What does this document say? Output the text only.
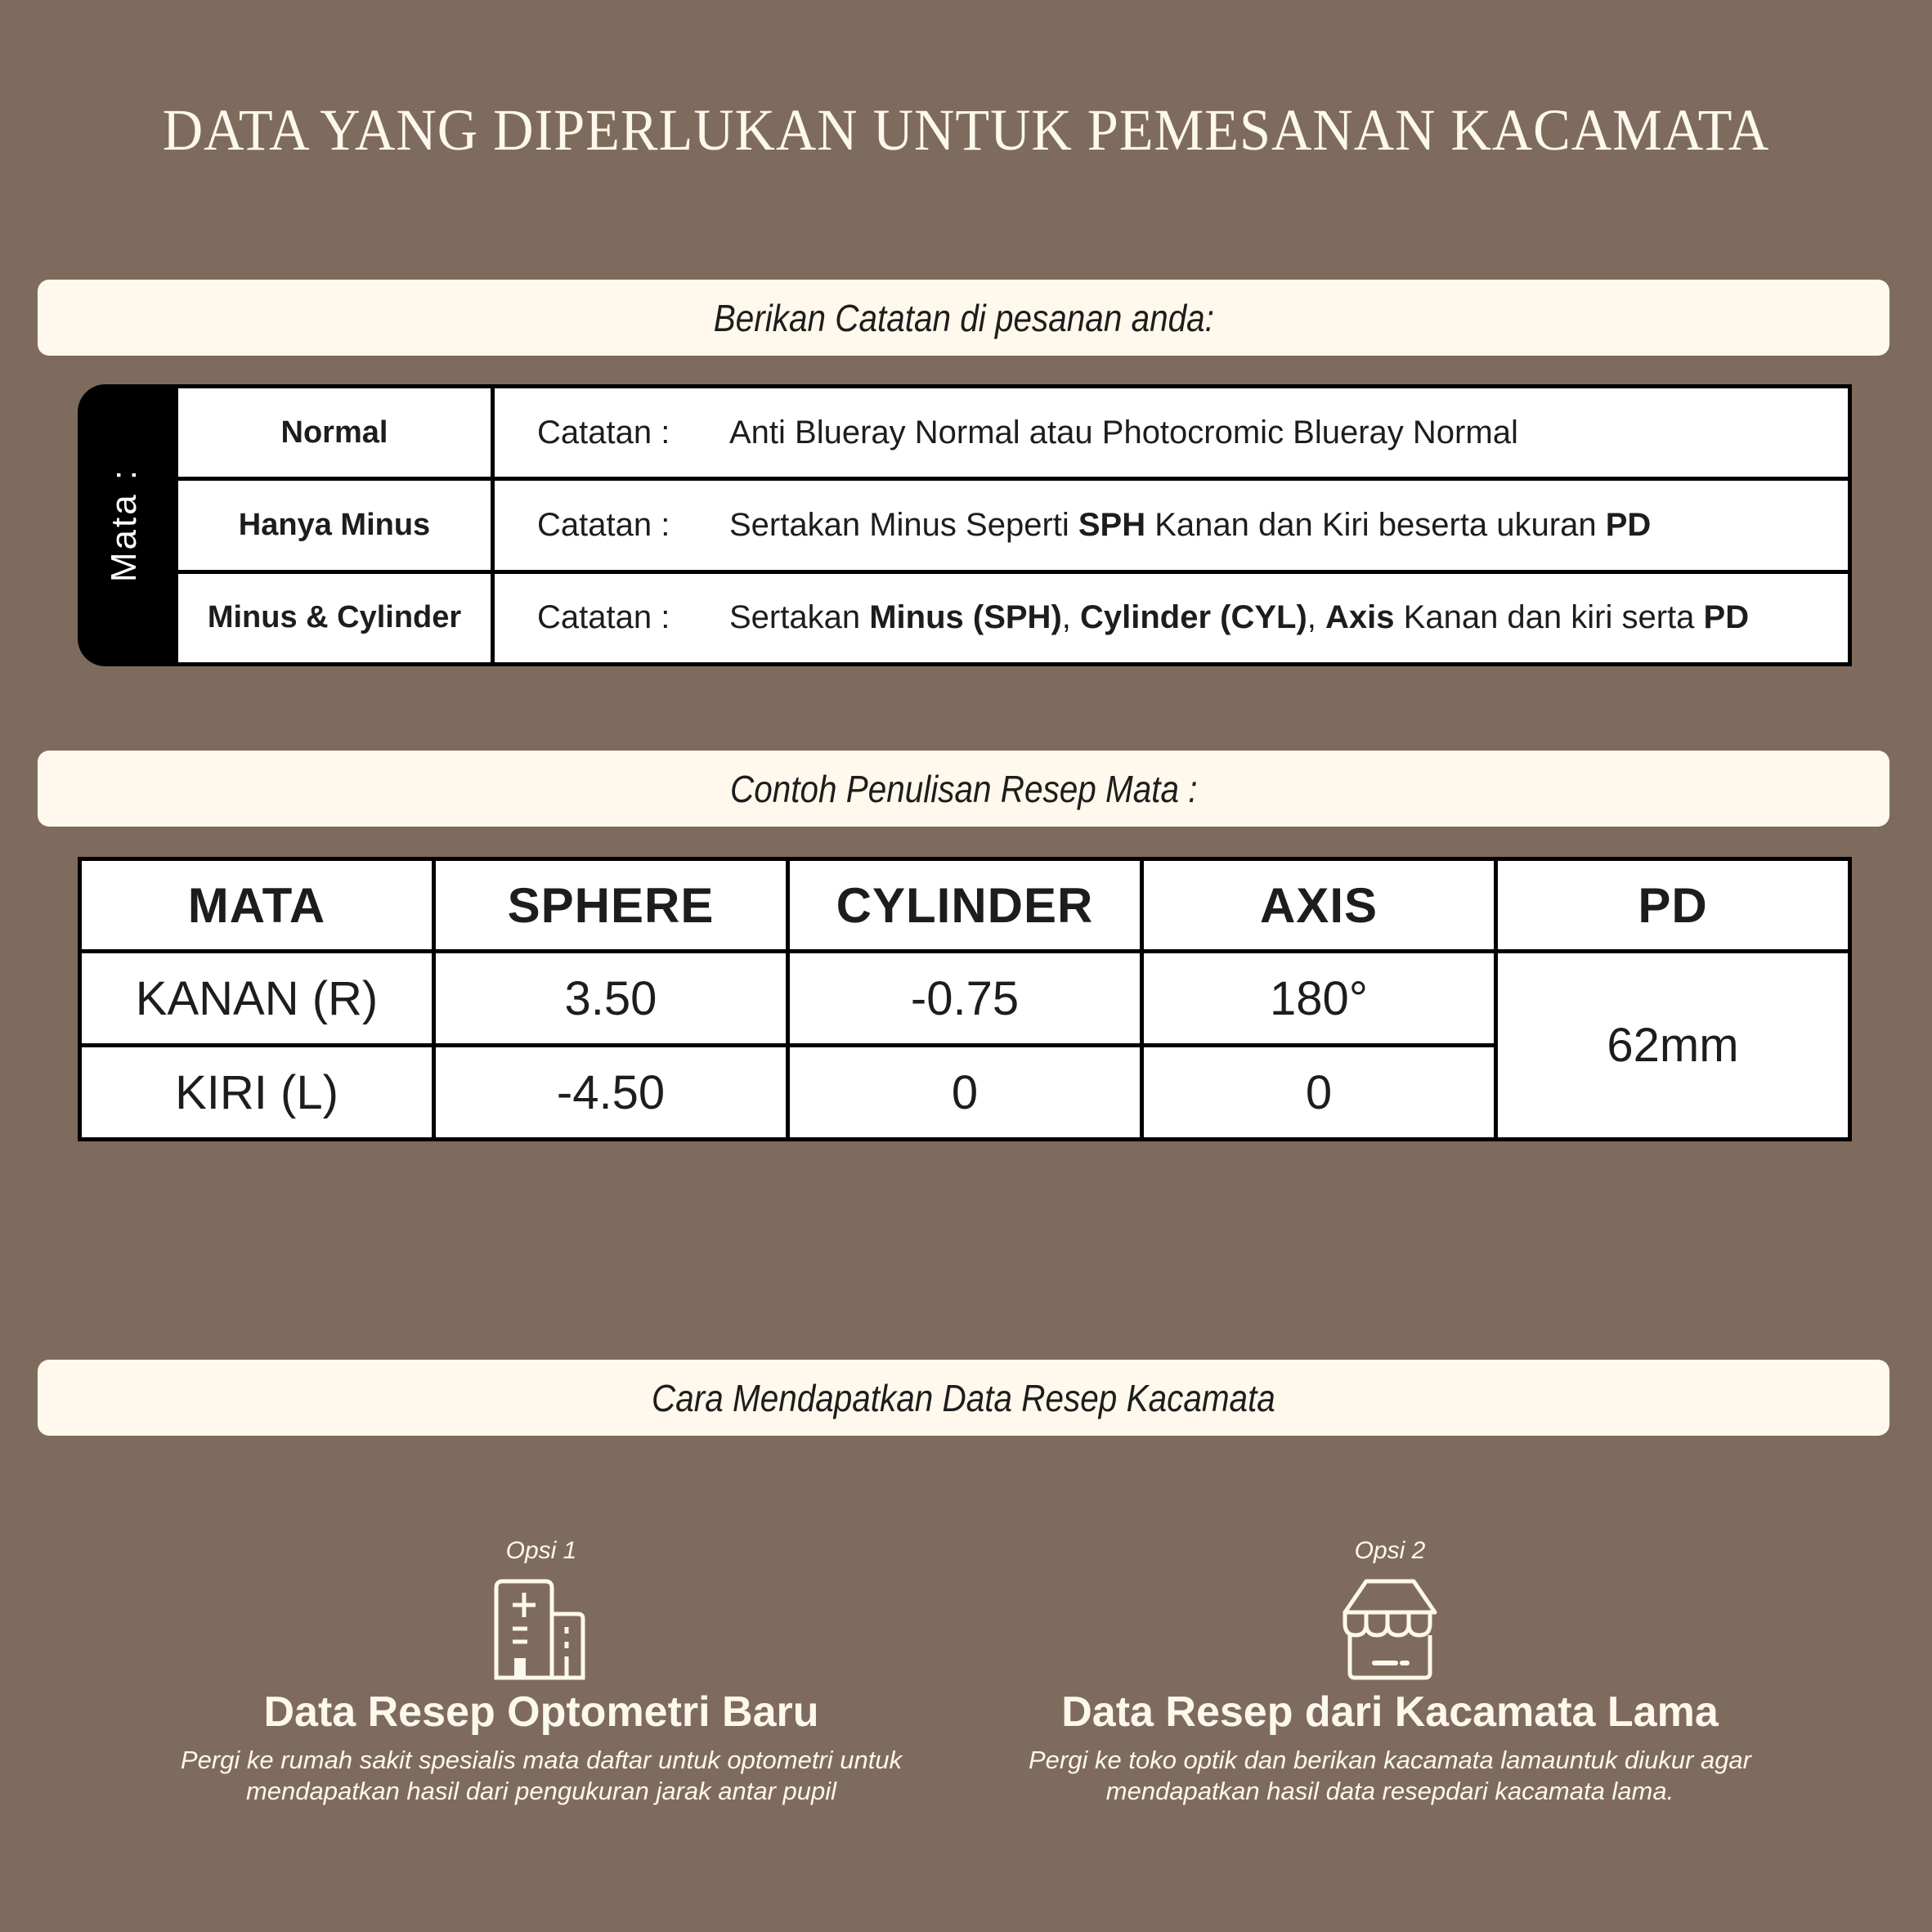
DATA YANG DIPERLUKAN UNTUK PEMESANAN KACAMATA
Berikan Catatan di pesanan anda:
Mata :
Normal	Catatan : Anti Blueray Normal atau Photocromic Blueray Normal
Hanya Minus	Catatan : Sertakan Minus Seperti SPH Kanan dan Kiri beserta ukuran PD
Minus & Cylinder	Catatan : Sertakan Minus (SPH), Cylinder (CYL), Axis Kanan dan kiri serta PD
Contoh Penulisan Resep Mata :
MATA	SPHERE	CYLINDER	AXIS	PD
KANAN (R)	3.50	-0.75	180°	62mm
KIRI (L)	-4.50	0	0	
Cara Mendapatkan Data Resep Kacamata
Opsi 1
Data Resep Optometri Baru
Pergi ke rumah sakit spesialis mata daftar untuk optometri untuk
mendapatkan hasil dari pengukuran jarak antar pupil
Opsi 2
Data Resep dari Kacamata Lama
Pergi ke toko optik dan berikan kacamata lamauntuk diukur agar
mendapatkan hasil data resepdari kacamata lama.
